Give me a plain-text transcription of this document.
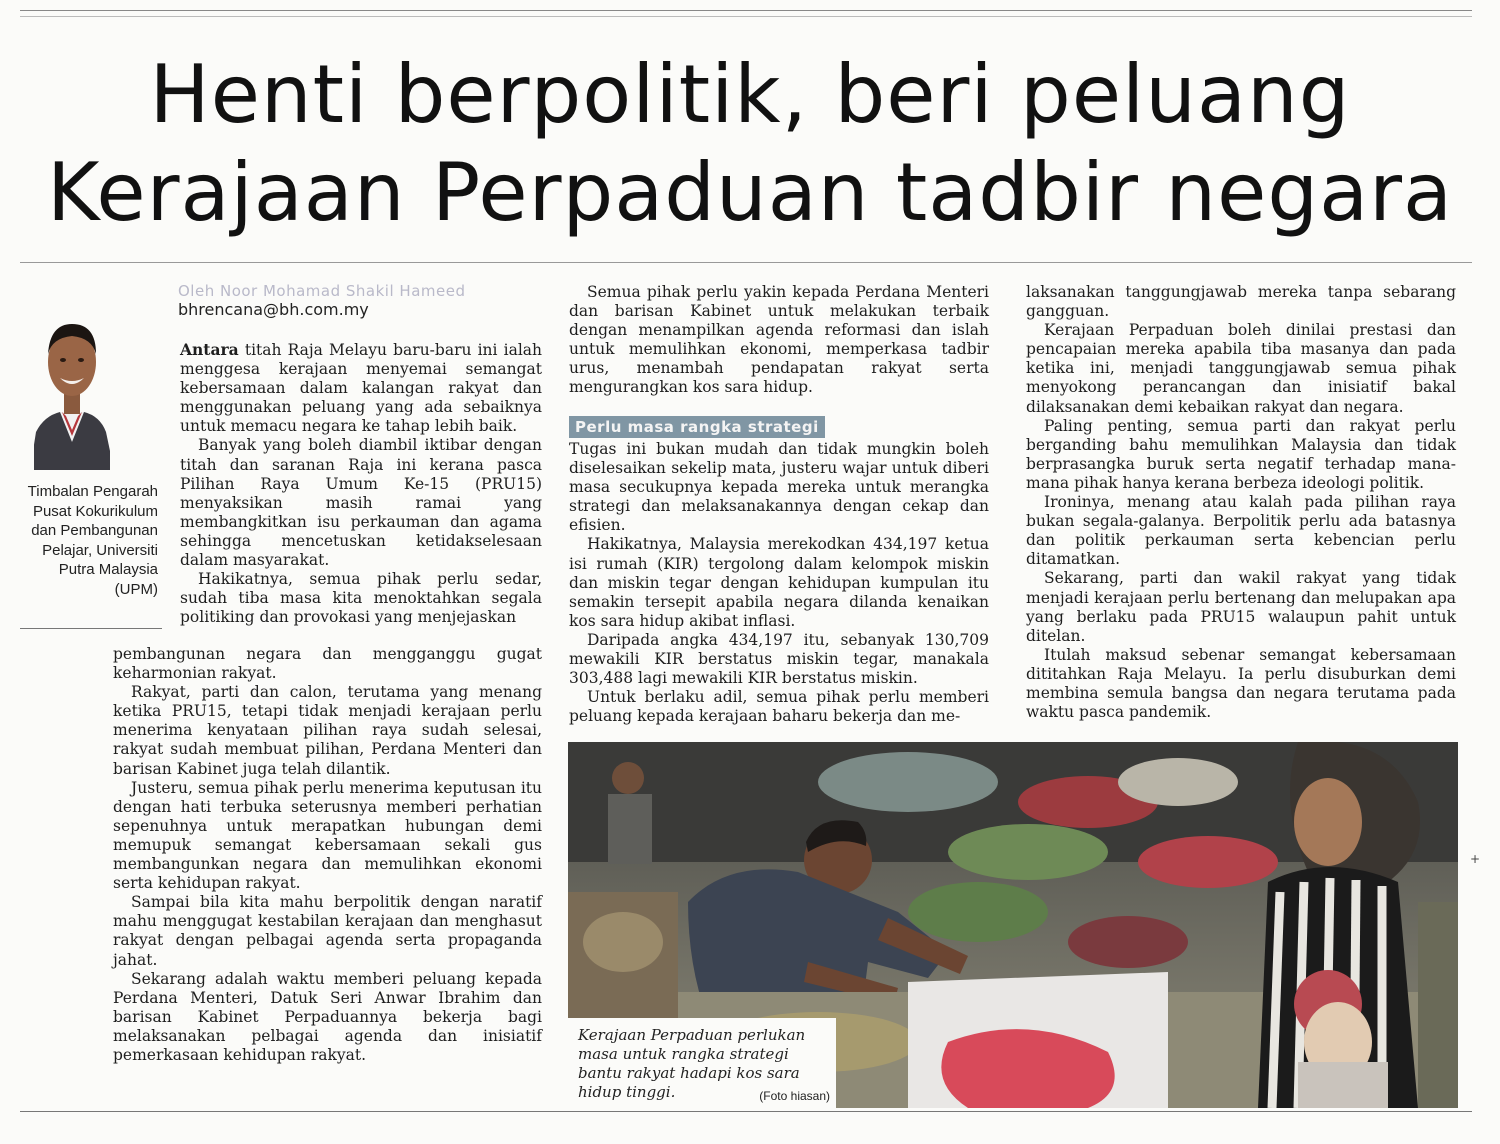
Henti berpolitik, beri peluang
Kerajaan Perpaduan tadbir negara
Timbalan Pengarah Pusat Kokurikulum dan Pembangunan Pelajar, Universiti Putra Malaysia (UPM)
Oleh Noor Mohamad Shakil Hameed
bhrencana@bh.com.my

Antara titah Raja Melayu baru-baru ini ialah menggesa kerajaan menyemai semangat kebersamaan dalam kalangan rakyat dan menggunakan peluang yang ada sebaiknya untuk memacu negara ke tahap lebih baik.

Banyak yang boleh diambil iktibar dengan titah dan saranan Raja ini kerana pasca Pilihan Raya Umum Ke-15 (PRU15) menyaksikan masih ramai yang membangkitkan isu perkauman dan agama sehingga mencetuskan ketidakselesaan dalam masyarakat.

Hakikatnya, semua pihak perlu sedar, sudah tiba masa kita menoktahkan segala politiking dan provokasi yang menjejaskan

pembangunan negara dan mengganggu gugat keharmonian rakyat.

Rakyat, parti dan calon, terutama yang menang ketika PRU15, tetapi tidak menjadi kerajaan perlu menerima kenyataan pilihan raya sudah selesai, rakyat sudah membuat pilihan, Perdana Menteri dan barisan Kabinet juga telah dilantik.

Justeru, semua pihak perlu menerima keputusan itu dengan hati terbuka seterusnya memberi perhatian sepenuhnya untuk merapatkan hubungan demi memupuk semangat kebersamaan sekali gus membangunkan negara dan memulihkan ekonomi serta kehidupan rakyat.

Sampai bila kita mahu berpolitik dengan naratif mahu menggugat kestabilan kerajaan dan menghasut rakyat dengan pelbagai agenda serta propaganda jahat.

Sekarang adalah waktu memberi peluang kepada Perdana Menteri, Datuk Seri Anwar Ibrahim dan barisan Kabinet Perpaduannya bekerja bagi melaksanakan pelbagai agenda dan inisiatif pemerkasaan kehidupan rakyat.

Semua pihak perlu yakin kepada Perdana Menteri dan barisan Kabinet untuk melakukan terbaik dengan menampilkan agenda reformasi dan islah untuk memulihkan ekonomi, memperkasa tadbir urus, menambah pendapatan rakyat serta mengurangkan kos sara hidup.

Perlu masa rangka strategi

Tugas ini bukan mudah dan tidak mungkin boleh diselesaikan sekelip mata, justeru wajar untuk diberi masa secukupnya kepada mereka untuk merangka strategi dan melaksanakannya dengan cekap dan efisien.

Hakikatnya, Malaysia merekodkan 434,197 ketua isi rumah (KIR) tergolong dalam kelompok miskin dan miskin tegar dengan kehidupan kumpulan itu semakin tersepit apabila negara dilanda kenaikan kos sara hidup akibat inflasi.

Daripada angka 434,197 itu, sebanyak 130,709 mewakili KIR berstatus miskin tegar, manakala 303,488 lagi mewakili KIR berstatus miskin.

Untuk berlaku adil, semua pihak perlu memberi peluang kepada kerajaan baharu bekerja dan me-

laksanakan tanggungjawab mereka tanpa sebarang gangguan.

Kerajaan Perpaduan boleh dinilai prestasi dan pencapaian mereka apabila tiba masanya dan pada ketika ini, menjadi tanggungjawab semua pihak menyokong perancangan dan inisiatif bakal dilaksanakan demi kebaikan rakyat dan negara.

Paling penting, semua parti dan rakyat perlu berganding bahu memulihkan Malaysia dan tidak berprasangka buruk serta negatif terhadap mana-mana pihak hanya kerana berbeza ideologi politik.

Ironinya, menang atau kalah pada pilihan raya bukan segala-galanya. Berpolitik perlu ada batasnya dan politik perkauman serta kebencian perlu ditamatkan.

Sekarang, parti dan wakil rakyat yang tidak menjadi kerajaan perlu bertenang dan melupakan apa yang berlaku pada PRU15 walaupun pahit untuk ditelan.

Itulah maksud sebenar semangat kebersamaan dititahkan Raja Melayu. Ia perlu disuburkan demi membina semula bangsa dan negara terutama pada waktu pasca pandemik.

Kerajaan Perpaduan perlukan masa untuk rangka strategi bantu rakyat hadapi kos sara hidup tinggi.	(Foto hiasan)
+
